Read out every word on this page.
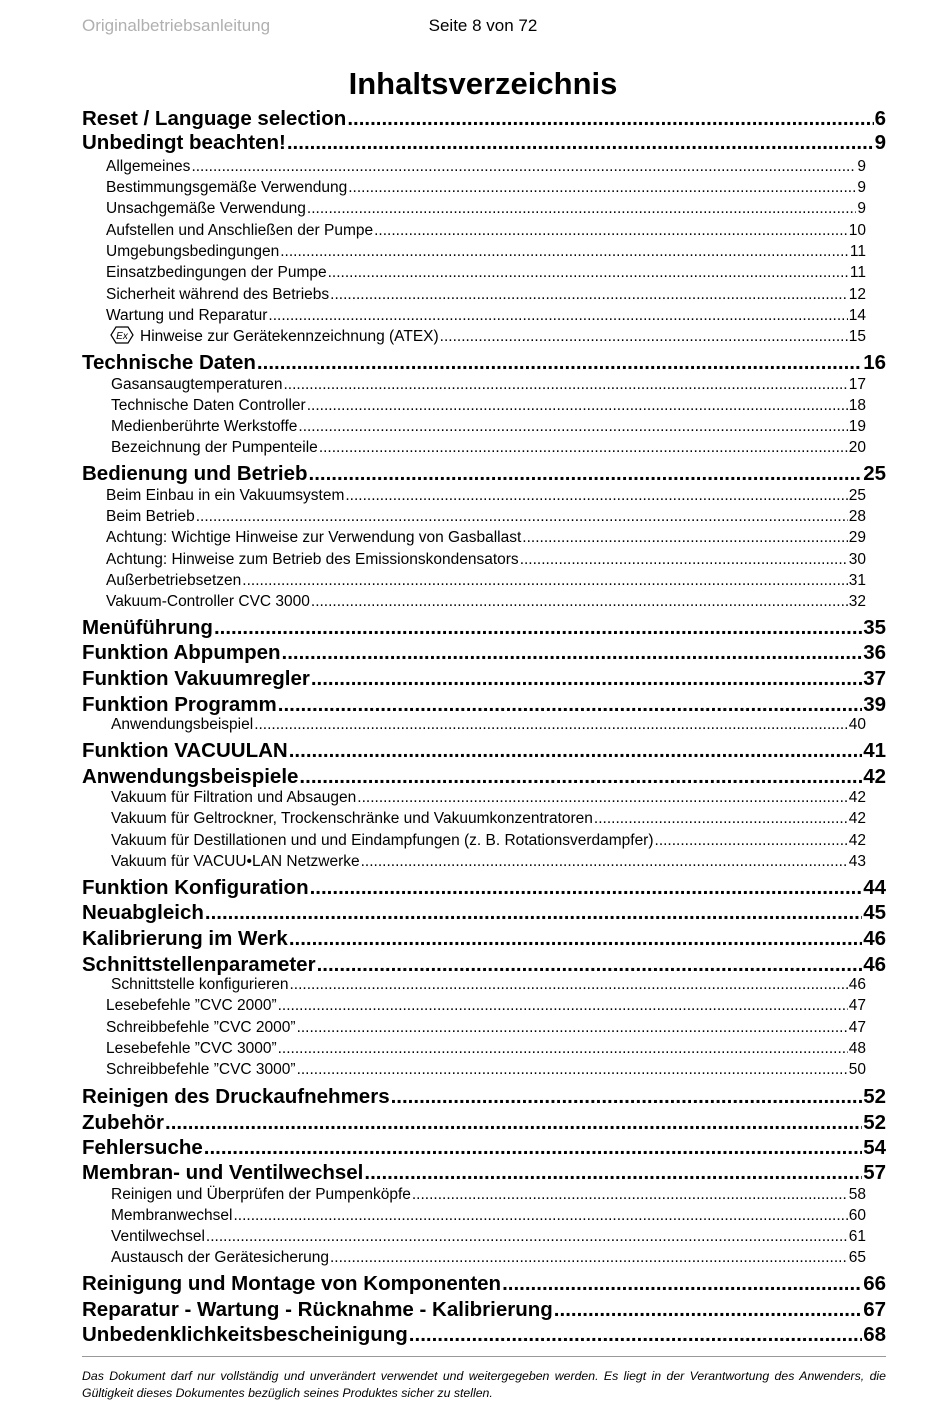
Originalbetriebsanleitung	Seite 8 von 72
Inhaltsverzeichnis
Reset / Language selection .....	6
Unbedingt beachten! .....	9
Allgemeines .....	9
Bestimmungsgemäße Verwendung .....	9
Unsachgemäße Verwendung .....	9
Aufstellen und Anschließen der Pumpe .....	10
Umgebungsbedingungen .....	11
Einsatzbedingungen der Pumpe .....	11
Sicherheit während des Betriebs .....	12
Wartung und Reparatur .....	14
Ex Hinweise zur Gerätekennzeichnung (ATEX) .....	15
Technische Daten .....	16
Gasansaugtemperaturen .....	17
Technische Daten Controller .....	18
Medienberührte Werkstoffe .....	19
Bezeichnung der Pumpenteile .....	20
Bedienung und Betrieb .....	25
Beim Einbau in ein Vakuumsystem .....	25
Beim Betrieb .....	28
Achtung: Wichtige Hinweise zur Verwendung von Gasballast .....	29
Achtung: Hinweise zum Betrieb des Emissionskondensators .....	30
Außerbetriebsetzen .....	31
Vakuum-Controller CVC 3000 .....	32
Menüführung .....	35
Funktion Abpumpen .....	36
Funktion Vakuumregler .....	37
Funktion Programm .....	39
Anwendungsbeispiel .....	40
Funktion VACUULAN .....	41
Anwendungsbeispiele .....	42
Vakuum für Filtration und Absaugen .....	42
Vakuum für Geltrockner, Trockenschränke und Vakuumkonzentratoren .....	42
Vakuum für Destillationen und und Eindampfungen (z. B. Rotationsverdampfer) .....	42
Vakuum für VACUU•LAN Netzwerke .....	43
Funktion Konfiguration .....	44
Neuabgleich .....	45
Kalibrierung im Werk .....	46
Schnittstellenparameter .....	46
Schnittstelle konfigurieren .....	46
Lesebefehle ”CVC 2000” .....	47
Schreibbefehle ”CVC 2000” .....	47
Lesebefehle ”CVC 3000” .....	48
Schreibbefehle ”CVC 3000” .....	50
Reinigen des Druckaufnehmers .....	52
Zubehör .....	52
Fehlersuche .....	54
Membran- und Ventilwechsel .....	57
Reinigen und Überprüfen der Pumpenköpfe .....	58
Membranwechsel .....	60
Ventilwechsel .....	61
Austausch der Gerätesicherung .....	65
Reinigung und Montage von Komponenten .....	66
Reparatur - Wartung - Rücknahme - Kalibrierung .....	67
Unbedenklichkeitsbescheinigung .....	68
Das Dokument darf nur vollständig und unverändert verwendet und weitergegeben werden. Es liegt in der Verantwortung des Anwenders, die Gültigkeit dieses Dokumentes bezüglich seines Produktes sicher zu stellen.
